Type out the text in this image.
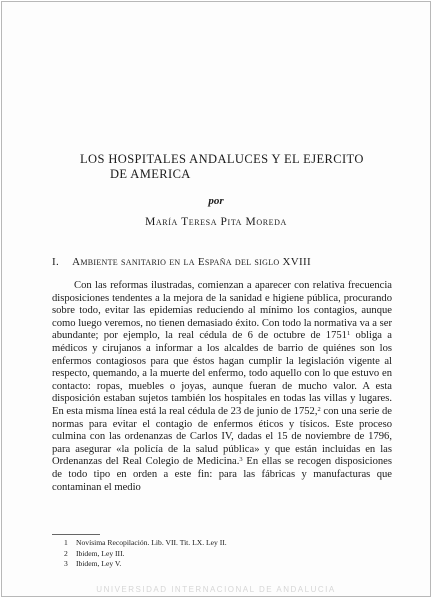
LOS HOSPITALES ANDALUCES Y EL EJERCITO
DE AMERICA
por
María Teresa Pita Moreda
I. Ambiente sanitario en la España del siglo XVIII

Con las reformas ilustradas, comienzan a aparecer con relativa frecuencia disposiciones tendentes a la mejora de la sanidad e higiene pública, procurando sobre todo, evitar las epidemias reduciendo al mínimo los contagios, aunque como luego veremos, no tienen demasiado éxito. Con todo la normativa va a ser abundante; por ejemplo, la real cédula de 6 de octubre de 1751$^1$ obliga a médicos y cirujanos a informar a los alcaldes de barrio de quiénes son los enfermos contagiosos para que éstos hagan cumplir la legislación vigente al respecto, quemando, a la muerte del enfermo, todo aquello con lo que estuvo en contacto: ropas, muebles o joyas, aunque fueran de mucho valor. A esta disposición estaban sujetos también los hospitales en todas las villas y lugares. En esta misma línea está la real cédula de 23 de junio de 1752,$^2$ con una serie de normas para evitar el contagio de enfermos éticos y tísicos. Este proceso culmina con las ordenanzas de Carlos IV, dadas el 15 de noviembre de 1796, para asegurar «la policía de la salud pública» y que están incluidas en las Ordenanzas del Real Colegio de Medicina.$^3$ En ellas se recogen disposiciones de todo tipo en orden a este fin: para las fábricas y manufacturas que contaminan el medio

1 Novísima Recopilación. Lib. VII. Tit. LX. Ley II.
2 Ibidem, Ley III.
3 Ibidem, Ley V.
UNIVERSIDAD INTERNACIONAL DE ANDALUCIA
